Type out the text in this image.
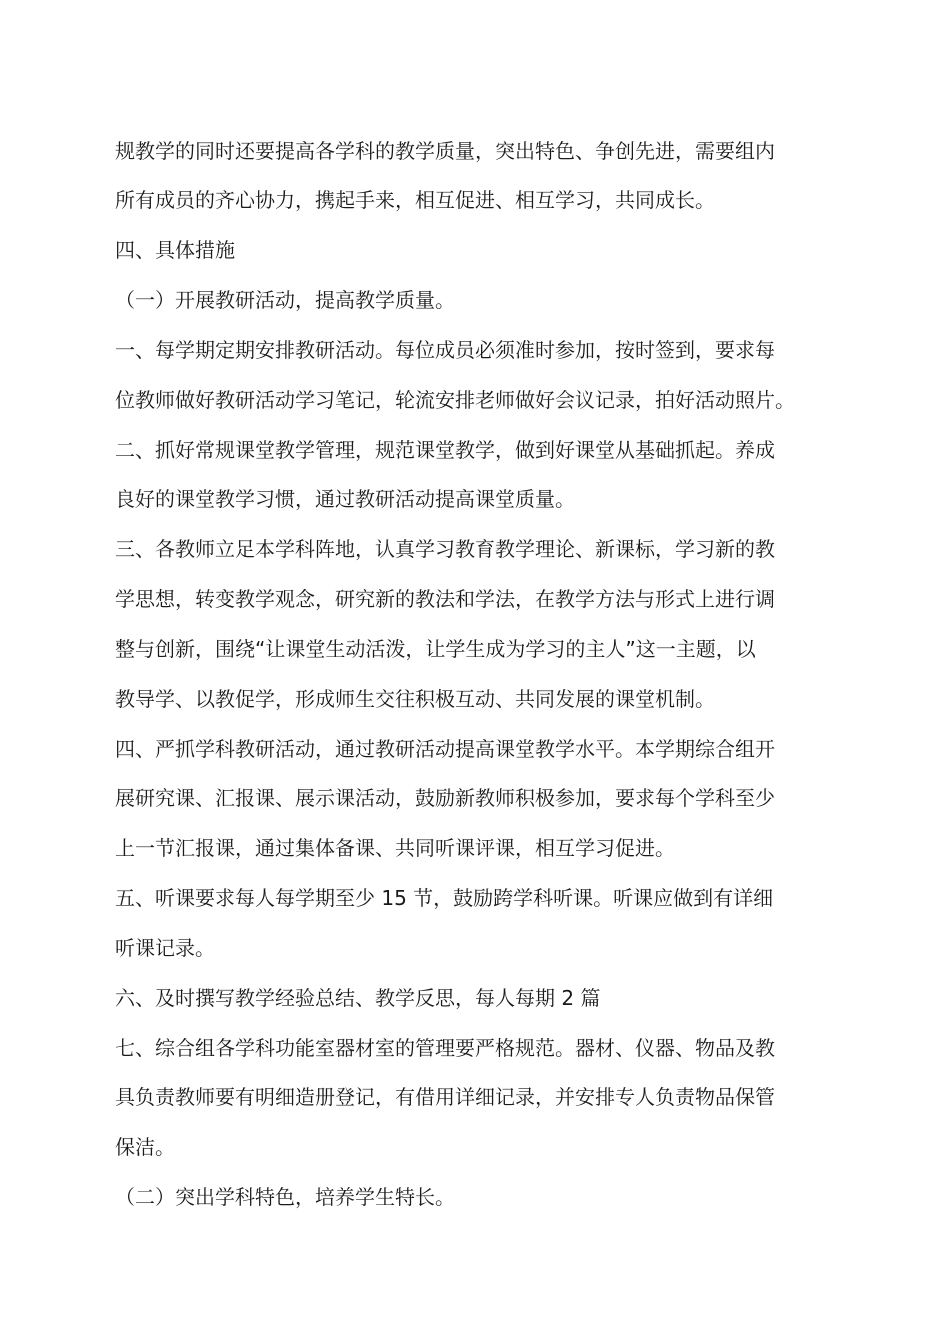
规教学的同时还要提高各学科的教学质量，突出特色、争创先进，需要组内
所有成员的齐心协力，携起手来，相互促进、相互学习，共同成长。
四、具体措施
（一）开展教研活动，提高教学质量。
一、每学期定期安排教研活动。每位成员必须准时参加，按时签到，要求每
位教师做好教研活动学习笔记，轮流安排老师做好会议记录，拍好活动照片。
二、抓好常规课堂教学管理，规范课堂教学，做到好课堂从基础抓起。养成
良好的课堂教学习惯，通过教研活动提高课堂质量。
三、各教师立足本学科阵地，认真学习教育教学理论、新课标，学习新的教
学思想，转变教学观念，研究新的教法和学法，在教学方法与形式上进行调
整与创新，围绕“让课堂生动活泼，让学生成为学习的主人”这一主题，以
教导学、以教促学，形成师生交往积极互动、共同发展的课堂机制。
四、严抓学科教研活动，通过教研活动提高课堂教学水平。本学期综合组开
展研究课、汇报课、展示课活动，鼓励新教师积极参加，要求每个学科至少
上一节汇报课，通过集体备课、共同听课评课，相互学习促进。
五、听课要求每人每学期至少 15 节，鼓励跨学科听课。听课应做到有详细
听课记录。
六、及时撰写教学经验总结、教学反思，每人每期 2 篇
七、综合组各学科功能室器材室的管理要严格规范。器材、仪器、物品及教
具负责教师要有明细造册登记，有借用详细记录，并安排专人负责物品保管
保洁。
（二）突出学科特色，培养学生特长。
